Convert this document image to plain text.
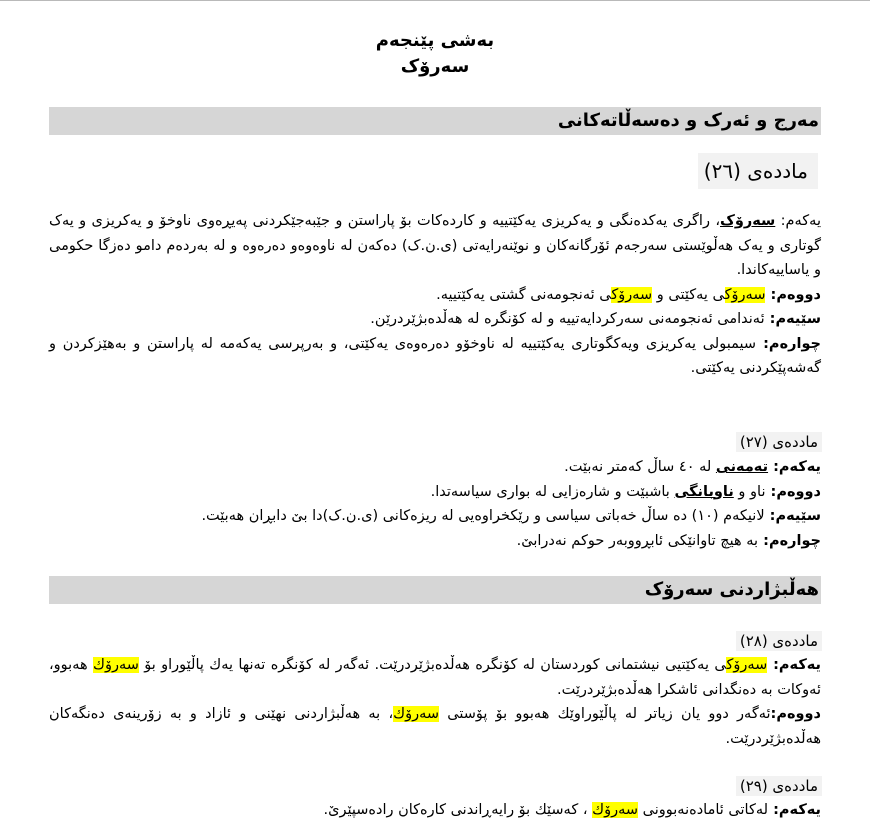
بەشی پێنجەم
سەرۆک
مەرج و ئەرک و دەسەڵاتەکانی
ماددەی (٢٦)

یەکەم: سەرۆک، راگری یەکدەنگی و یەکریزی یەکێتییە و کاردەکات بۆ پاراستن و جێبەجێکردنی پەیڕەوی ناوخۆ و یەکریزی و یەک گوتاری و یەک هەڵوێستی سەرجەم ئۆرگانەکان و نوێنەرایەتی (ی.ن.ک) دەکەن لە ناوەوەو دەرەوە و لە بەردەم دامو دەزگا حکومی و یاساییەکاندا.

دووەم: سەرۆکی یەکێتی و سەرۆکی ئەنجومەنی گشتی یەکێتییە.

سێیەم: ئەندامی ئەنجومەنی سەرکردایەتییە و لە کۆنگرە لە هەڵدەبژێردرێن.

چوارەم: سیمبولی یەکریزی ویەکگوتاری یەکێتییە لە ناوخۆو دەرەوەی یەکێتی، و بەرپرسی یەکەمە لە پاراستن و بەهێزکردن و گەشەپێکردنی یەکێتی.

ماددەی (٢٧)

یەکەم: تەمەنی لە ٤٠ ساڵ کەمتر نەبێت.

دووەم: ناو و ناوبانگی باشبێت و شارەزایی لە بواری سیاسەتدا.

سێیەم: لانیکەم (١٠) دە ساڵ خەباتی سیاسی و رێکخراوەیی لە ریزەکانی (ی.ن.ک)دا بێ دابڕان هەبێت.

چوارەم: بە هیچ تاوانێکی ئابڕووبەر حوکم نەدرابێ.

هەڵبژاردنی سەرۆک
ماددەی (٢٨)

یەکەم: سەرۆکی یەکێتیی نیشتمانی کوردستان لە کۆنگرە هەڵدەبژێردرێت. ئەگەر لە کۆنگرە تەنها یەك پاڵێوراو بۆ سەرۆك هەبوو، ئەوکات بە دەنگدانی ئاشکرا هەڵدەبژێردرێت.

دووەم:ئەگەر دوو یان زیاتر لە پاڵێوراوێك هەبوو بۆ پۆستی سەرۆك، بە هەڵبژاردنی نهێنی و ئازاد و بە زۆرینەی دەنگەکان هەڵدەبژێردرێت.

ماددەی (٢٩)

یەکەم: لەکاتی ئامادەنەبوونی سەرۆك ، کەسێك بۆ رایەڕاندنی کارەکان رادەسپێرێ.
